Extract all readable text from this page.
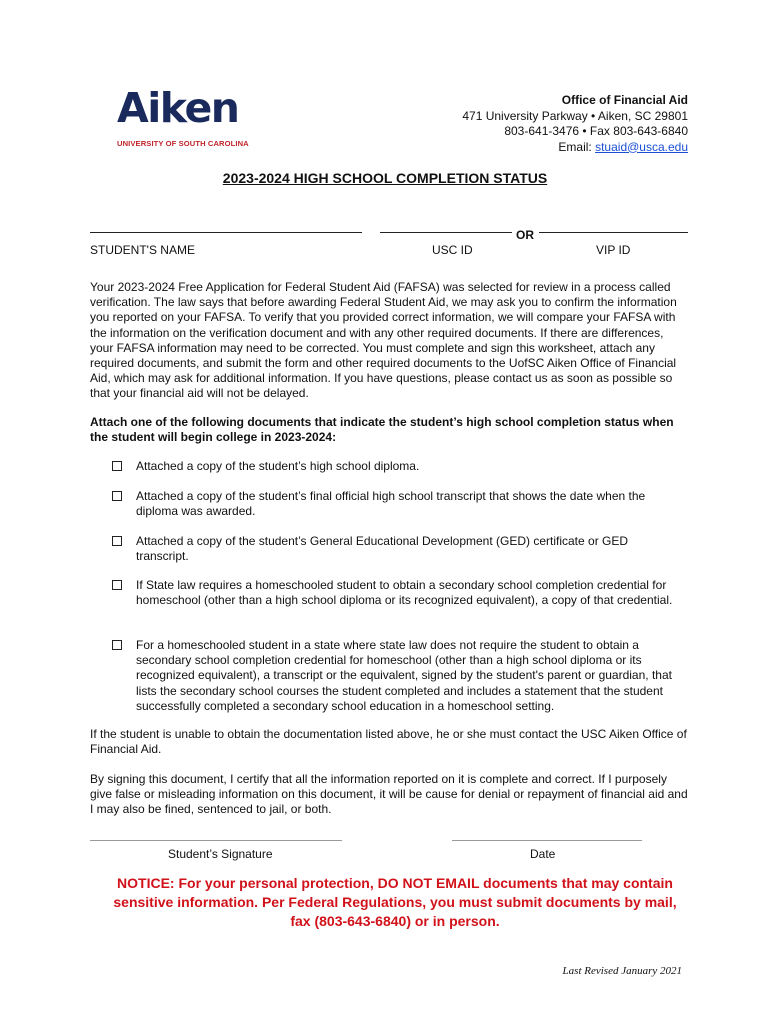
Aiken
UNIVERSITY OF SOUTH CAROLINA
Office of Financial Aid
471 University Parkway • Aiken, SC 29801
803-641-3476 • Fax 803-643-6840
Email: stuaid@usca.edu
2023-2024 HIGH SCHOOL COMPLETION STATUS
STUDENT'S NAME	USC ID
OR
VIP ID
Your 2023-2024 Free Application for Federal Student Aid (FAFSA) was selected for review in a process called verification. The law says that before awarding Federal Student Aid, we may ask you to confirm the information you reported on your FAFSA. To verify that you provided correct information, we will compare your FAFSA with the information on the verification document and with any other required documents. If there are differences, your FAFSA information may need to be corrected. You must complete and sign this worksheet, attach any required documents, and submit the form and other required documents to the UofSC Aiken Office of Financial Aid, which may ask for additional information. If you have questions, please contact us as soon as possible so that your financial aid will not be delayed.
Attach one of the following documents that indicate the student’s high school completion status when the student will begin college in 2023-2024:
Attached a copy of the student’s high school diploma.
Attached a copy of the student’s final official high school transcript that shows the date when the diploma was awarded.
Attached a copy of the student’s General Educational Development (GED) certificate or GED transcript.
If State law requires a homeschooled student to obtain a secondary school completion credential for homeschool (other than a high school diploma or its recognized equivalent), a copy of that credential.
For a homeschooled student in a state where state law does not require the student to obtain a secondary school completion credential for homeschool (other than a high school diploma or its recognized equivalent), a transcript or the equivalent, signed by the student's parent or guardian, that lists the secondary school courses the student completed and includes a statement that the student successfully completed a secondary school education in a homeschool setting.
If the student is unable to obtain the documentation listed above, he or she must contact the USC Aiken Office of Financial Aid.
By signing this document, I certify that all the information reported on it is complete and correct. If I purposely give false or misleading information on this document, it will be cause for denial or repayment of financial aid and I may also be fined, sentenced to jail, or both.
Student’s Signature	Date
NOTICE: For your personal protection, DO NOT EMAIL documents that may contain sensitive information. Per Federal Regulations, you must submit documents by mail, fax (803-643-6840) or in person.
Last Revised January 2021
